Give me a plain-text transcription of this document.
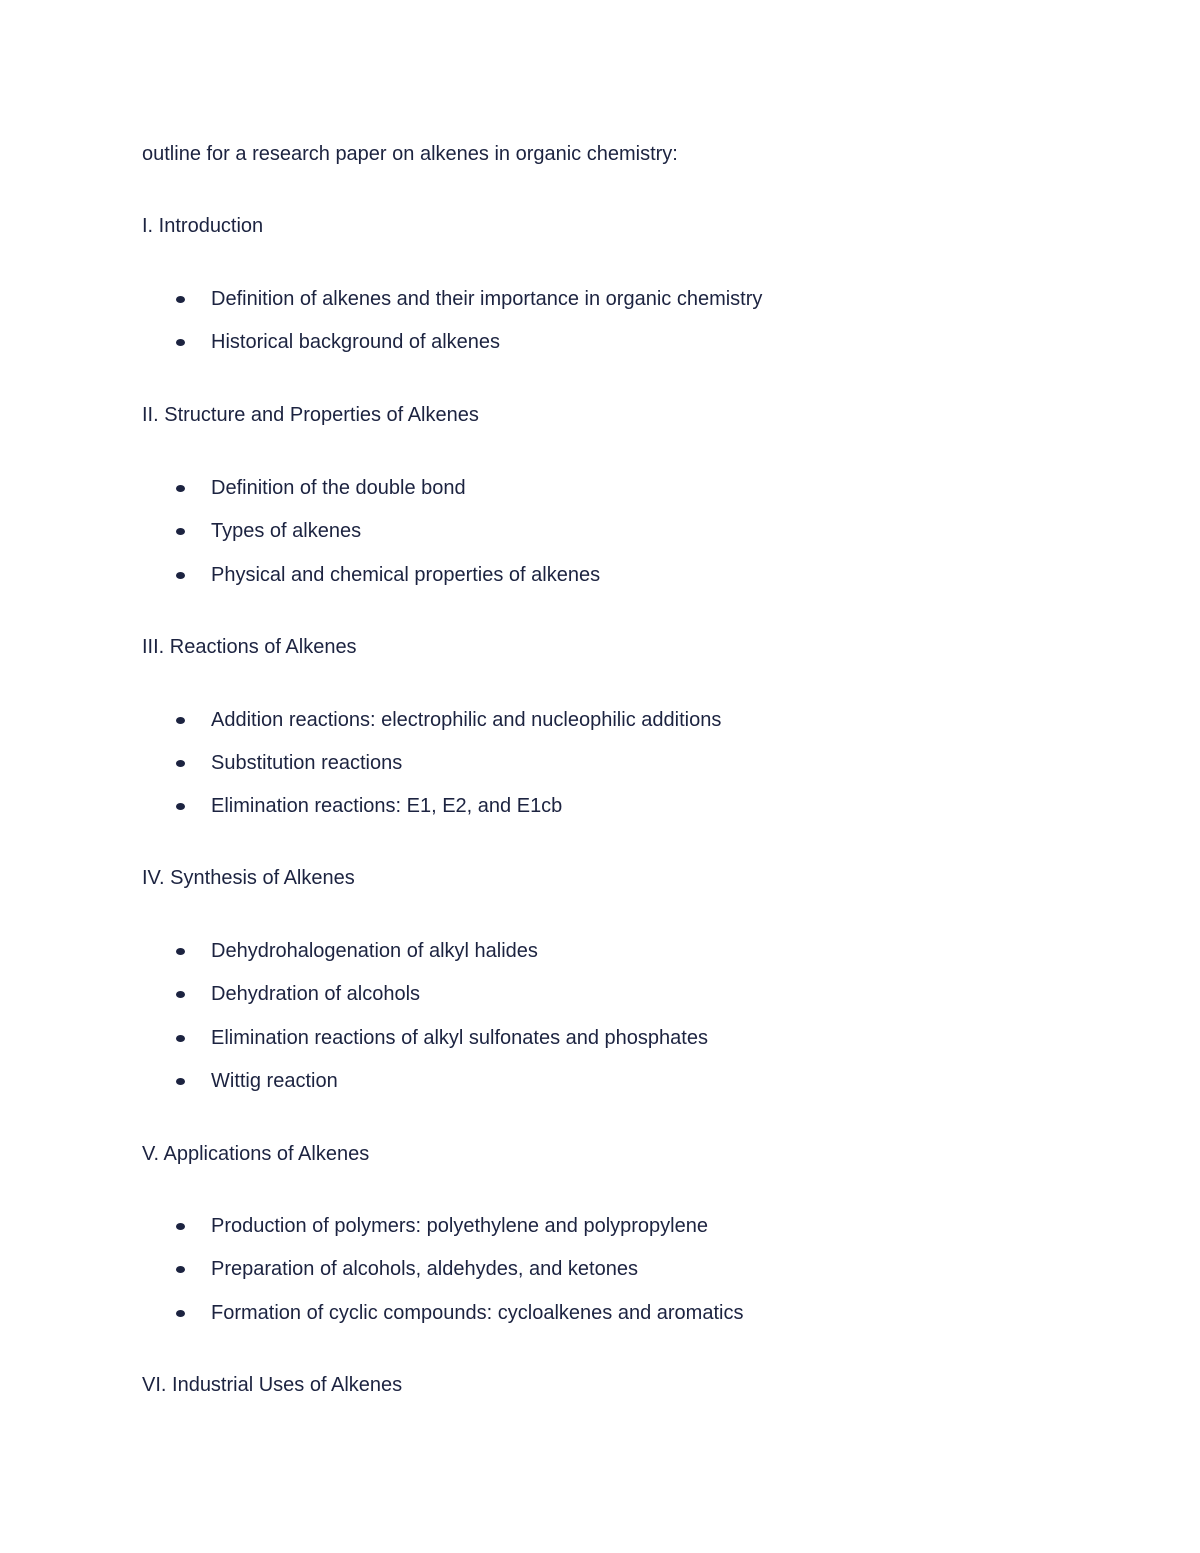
outline for a research paper on alkenes in organic chemistry:

I. Introduction

Definition of alkenes and their importance in organic chemistry
Historical background of alkenes

II. Structure and Properties of Alkenes

Definition of the double bond
Types of alkenes
Physical and chemical properties of alkenes

III. Reactions of Alkenes

Addition reactions: electrophilic and nucleophilic additions
Substitution reactions
Elimination reactions: E1, E2, and E1cb

IV. Synthesis of Alkenes

Dehydrohalogenation of alkyl halides
Dehydration of alcohols
Elimination reactions of alkyl sulfonates and phosphates
Wittig reaction

V. Applications of Alkenes

Production of polymers: polyethylene and polypropylene
Preparation of alcohols, aldehydes, and ketones
Formation of cyclic compounds: cycloalkenes and aromatics

VI. Industrial Uses of Alkenes
